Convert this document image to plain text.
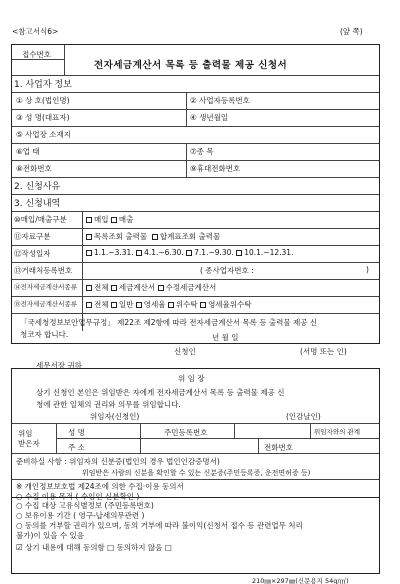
<참고서식6>	(앞 쪽)
접수번호
전자세금계산서 목록 등 출력물 제공 신청서
1. 사업자 정보
① 상 호(법인명)	② 사업자등록번호
③ 성 명(대표자)	④ 생년월일
⑤ 사업장 소재지
⑥업 태	⑦종 목
⑧전화번호	⑨휴대전화번호
2. 신청사유
3. 신청내역
⑩매입/매출구분	매입 매출
⑪자료구분	목록조회 출력물 합계표조회 출력물
⑫작성일자	1.1.~3.31. 4.1.~6.30. 7.1.~9.30. 10.1.~12.31.
⑬거래처등록번호	( 종사업자번호 :	)
⑭전자세금계산서종류	전체 세금계산서 수정세금계산서
⑮전자세금계산서종류	전체 일반 영세율 위수탁 영세율위수탁
「국세청정보보안업무규정」 제22조 제2항에 따라 전자세금계산서 목록 등 출력물 제공 신
청코자 합니다.	년 월 일
신청인	(서명 또는 인)
세무서장 귀하
위 임 장
상기 신청인 본인은 위임받은 자에게 전자세금계산서 목록 등 출력물 제공 신
청에 관한 일체의 권리와 의무를 위임합니다.
위임자(신청인)	(인감날인)
위임
받은자
성 명	주민등록번호	위임자와의 관계
주 소	전화번호
준비하실 사항 : 위임자의 신분증(법인의 경우 법인인감증명서)
위임받은 사람의 신분을 확인할 수 있는 신분증(주민등록증, 운전면허증 등)
※ 개인정보보호법 제24조에 의한 수집·이용 동의서
○ 수집 이용 목적 ( 수임인 신분확인 )
○ 수집 대상 고유식별정보 (주민등록번호)
○ 보유이용 기간 ( 영구-납세의무관련 )
○ 동의를 거부할 권리가 있으며, 동의 거부에 따라 불이익(신청서 접수 등 관련업무 처리
불가)이 있을 수 있음
☑ 상기 내용에 대해 동의함 □ 동의하지 않음 □
210㎜×297㎜(신문용지 54g/㎡)
